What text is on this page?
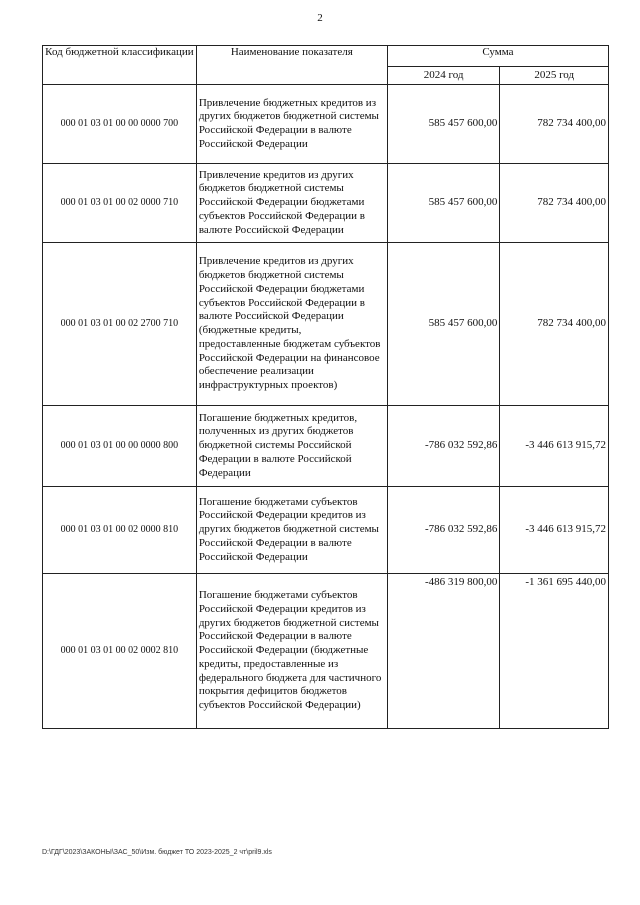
2
Код бюджетной классификации	Наименование показателя	Сумма	
		2024 год	2025 год
000 01 03 01 00 00 0000 700	Привлечение бюджетных кредитов из других бюджетов бюджетной системы Российской Федерации в валюте Российской Федерации	585 457 600,00	782 734 400,00
000 01 03 01 00 02 0000 710	Привлечение кредитов из других бюджетов бюджетной системы Российской Федерации бюджетами субъектов Российской Федерации в валюте Российской Федерации	585 457 600,00	782 734 400,00
000 01 03 01 00 02 2700 710	Привлечение кредитов из других бюджетов бюджетной системы Российской Федерации бюджетами субъектов Российской Федерации в валюте Российской Федерации (бюджетные кредиты, предоставленные бюджетам субъектов Российской Федерации на финансовое обеспечение реализации инфраструктурных проектов)	585 457 600,00	782 734 400,00
000 01 03 01 00 00 0000 800	Погашение бюджетных кредитов, полученных из других бюджетов бюджетной системы Российской Федерации в валюте Российской Федерации	-786 032 592,86	-3 446 613 915,72
000 01 03 01 00 02 0000 810	Погашение бюджетами субъектов Российской Федерации кредитов из других бюджетов бюджетной системы Российской Федерации в валюте Российской Федерации	-786 032 592,86	-3 446 613 915,72
000 01 03 01 00 02 0002 810	Погашение бюджетами субъектов Российской Федерации кредитов из других бюджетов бюджетной системы Российской Федерации в валюте Российской Федерации (бюджетные кредиты, предоставленные из федерального бюджета для частичного покрытия дефицитов бюджетов субъектов Российской Федерации)	-486 319 800,00	-1 361 695 440,00
D:\ГДГ\2023\ЗАКОНЫ\ЗАС_50\Изм. бюджет ТО 2023-2025_2 чт\pril9.xls
